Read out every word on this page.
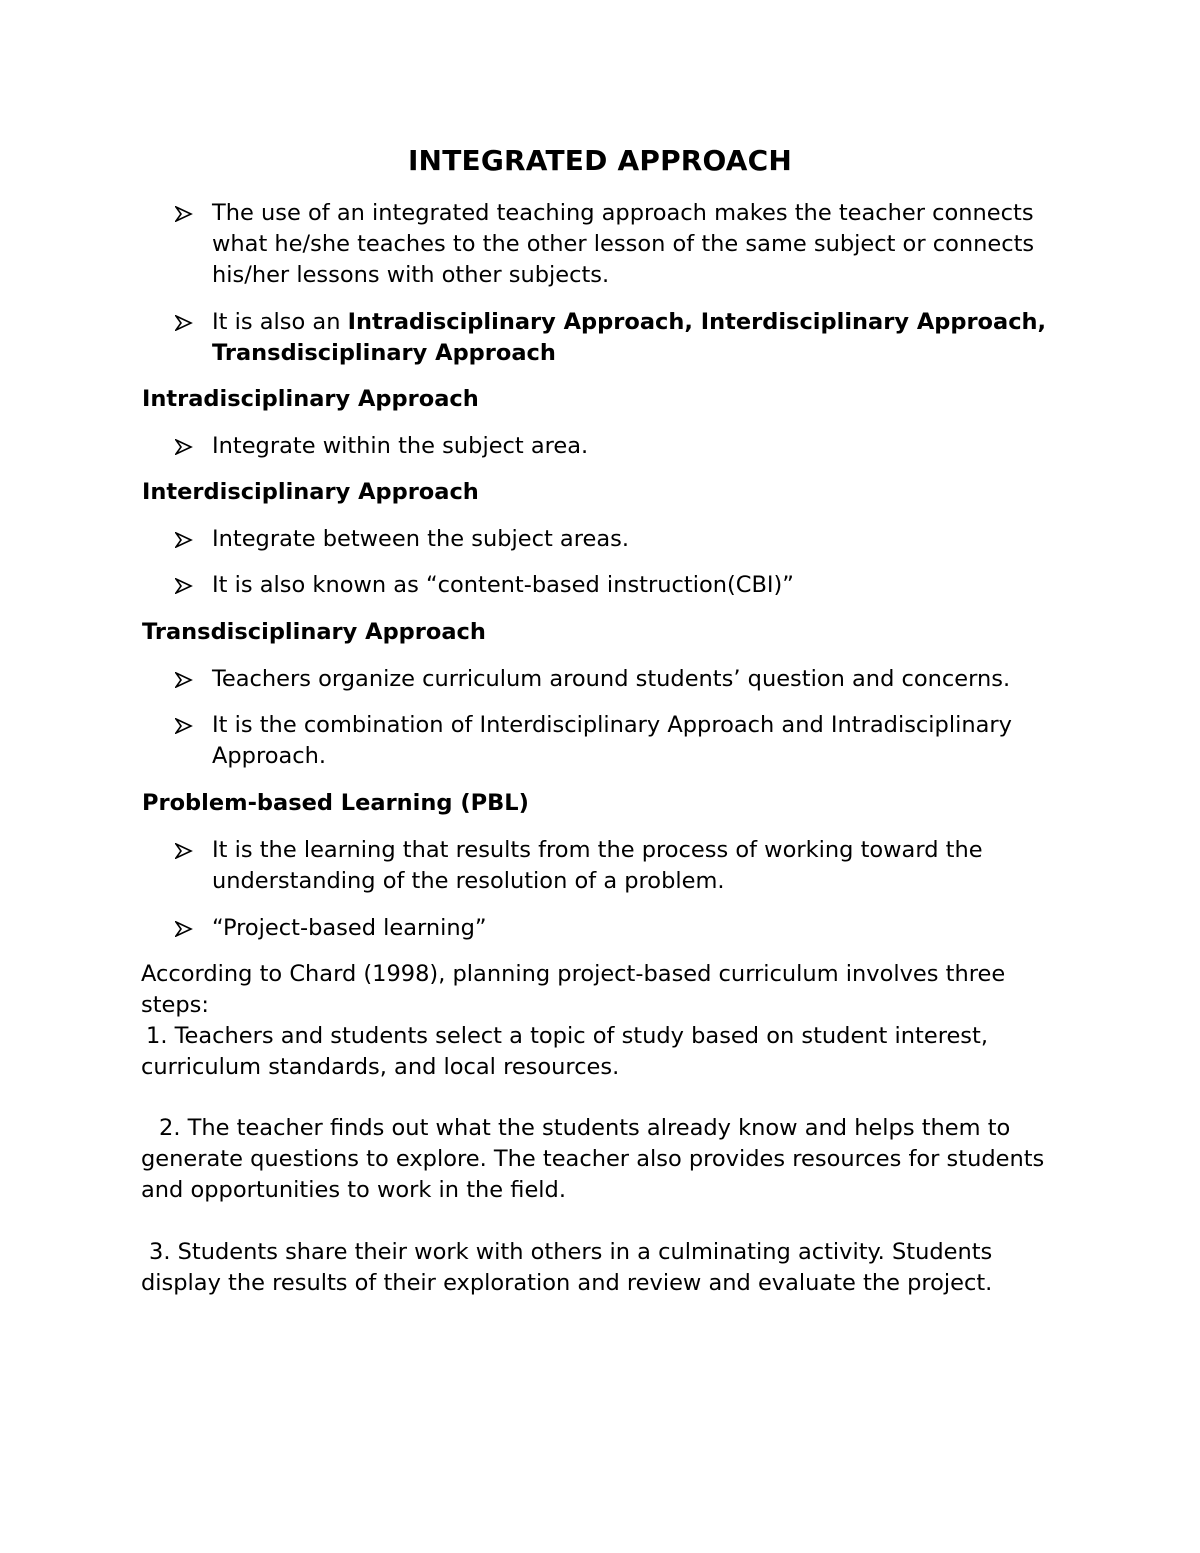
INTEGRATED APPROACH
The use of an integrated teaching approach makes the teacher connects what he/she teaches to the other lesson of the same subject or connects his/her lessons with other subjects.
It is also an Intradisciplinary Approach, Interdisciplinary Approach, Transdisciplinary Approach
Intradisciplinary Approach
Integrate within the subject area.
Interdisciplinary Approach
Integrate between the subject areas.
It is also known as “content-based instruction(CBI)”
Transdisciplinary Approach
Teachers organize curriculum around students’ question and concerns.
It is the combination of Interdisciplinary Approach and Intradisciplinary Approach.
Problem-based Learning (PBL)
It is the learning that results from the process of working toward the understanding of the resolution of a problem.
“Project-based learning”
According to Chard (1998), planning project-based curriculum involves three steps:
1. Teachers and students select a topic of study based on student interest, curriculum standards, and local resources.
2. The teacher finds out what the students already know and helps them to generate questions to explore. The teacher also provides resources for students and opportunities to work in the field.
3. Students share their work with others in a culminating activity. Students display the results of their exploration and review and evaluate the project.
